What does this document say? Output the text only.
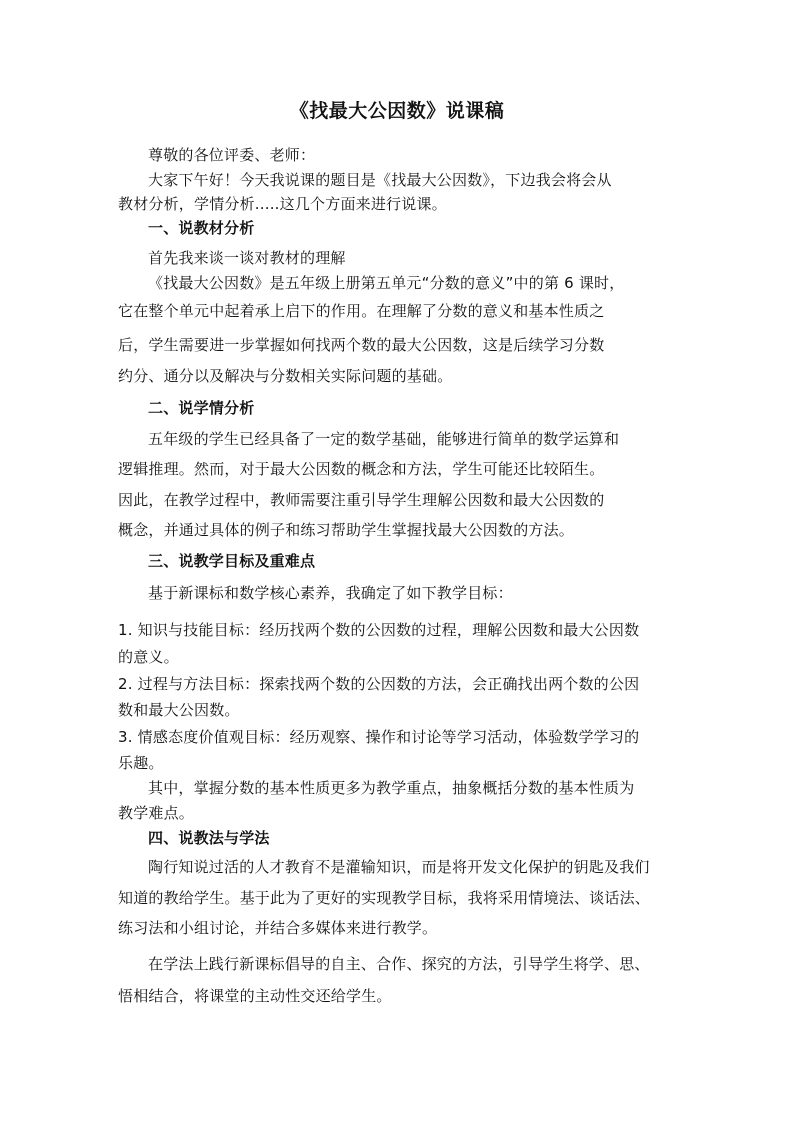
《找最大公因数》说课稿
尊敬的各位评委、老师：
大家下午好！今天我说课的题目是《找最大公因数》，下边我会将会从
教材分析，学情分析.....这几个方面来进行说课。
一、说教材分析
首先我来谈一谈对教材的理解
《找最大公因数》是五年级上册第五单元“分数的意义”中的第 6 课时，
它在整个单元中起着承上启下的作用。在理解了分数的意义和基本性质之
后，学生需要进一步掌握如何找两个数的最大公因数，这是后续学习分数
约分、通分以及解决与分数相关实际问题的基础。
二、说学情分析
五年级的学生已经具备了一定的数学基础，能够进行简单的数学运算和
逻辑推理。然而，对于最大公因数的概念和方法，学生可能还比较陌生。
因此，在教学过程中，教师需要注重引导学生理解公因数和最大公因数的
概念，并通过具体的例子和练习帮助学生掌握找最大公因数的方法。
三、说教学目标及重难点
基于新课标和数学核心素养，我确定了如下教学目标：
1. 知识与技能目标：经历找两个数的公因数的过程，理解公因数和最大公因数
的意义。
2. 过程与方法目标：探索找两个数的公因数的方法，会正确找出两个数的公因
数和最大公因数。
3. 情感态度价值观目标：经历观察、操作和讨论等学习活动，体验数学学习的
乐趣。
其中，掌握分数的基本性质更多为教学重点，抽象概括分数的基本性质为
教学难点。
四、说教法与学法
陶行知说过活的人才教育不是灌输知识，而是将开发文化保护的钥匙及我们
知道的教给学生。基于此为了更好的实现教学目标，我将采用情境法、谈话法、
练习法和小组讨论，并结合多媒体来进行教学。
在学法上践行新课标倡导的自主、合作、探究的方法，引导学生将学、思、
悟相结合，将课堂的主动性交还给学生。
